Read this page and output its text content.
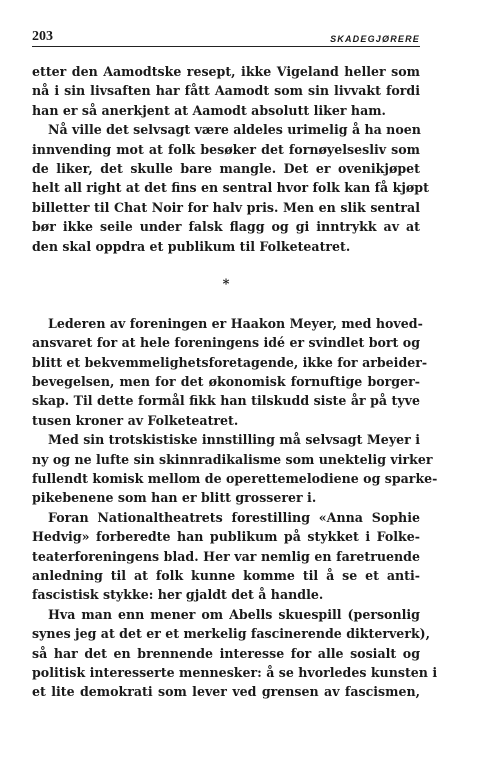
203	SKADEGJØRERE
etter den Aamodtske resept, ikke Vigeland heller som
nå i sin livsaften har fått Aamodt som sin livvakt fordi
han er så anerkjent at Aamodt absolutt liker ham.
Nå ville det selvsagt være aldeles urimelig å ha noen
innvending mot at folk besøker det fornøyelsesliv som
de liker, det skulle bare mangle. Det er ovenikjøpet
helt all right at det fins en sentral hvor folk kan få kjøpt
billetter til Chat Noir for halv pris. Men en slik sentral
bør ikke seile under falsk flagg og gi inntrykk av at
den skal oppdra et publikum til Folketeatret.
*
Lederen av foreningen er Haakon Meyer, med hoved-
ansvaret for at hele foreningens idé er svindlet bort og
blitt et bekvemmelighetsforetagende, ikke for arbeider-
bevegelsen, men for det økonomisk fornuftige borger-
skap. Til dette formål fikk han tilskudd siste år på tyve
tusen kroner av Folketeatret.
Med sin trotskistiske innstilling må selvsagt Meyer i
ny og ne lufte sin skinnradikalisme som unektelig virker
fullendt komisk mellom de operettemelodiene og sparke-
pikebenene som han er blitt grosserer i.
Foran Nationaltheatrets forestilling «Anna Sophie
Hedvig» forberedte han publikum på stykket i Folke-
teaterforeningens blad. Her var nemlig en faretruende
anledning til at folk kunne komme til å se et anti-
fascistisk stykke: her gjaldt det å handle.
Hva man enn mener om Abells skuespill (personlig
synes jeg at det er et merkelig fascinerende dikterverk),
så har det en brennende interesse for alle sosialt og
politisk interesserte mennesker: å se hvorledes kunsten i
et lite demokrati som lever ved grensen av fascismen,
